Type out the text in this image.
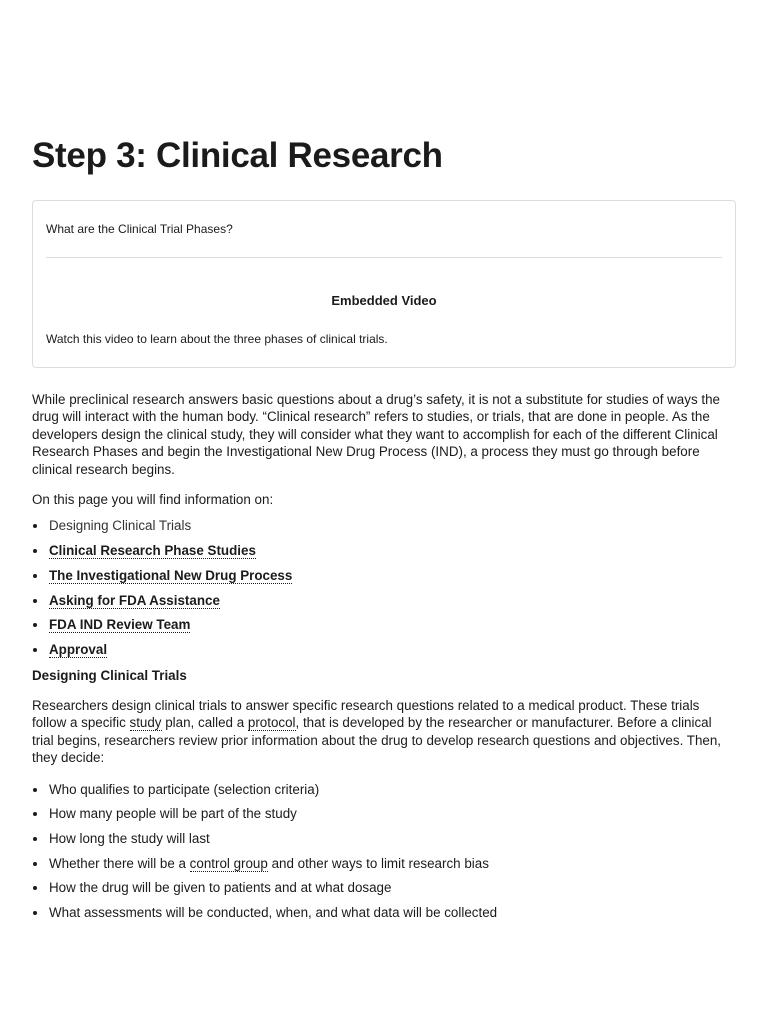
Step 3: Clinical Research
What are the Clinical Trial Phases?
Embedded Video
Watch this video to learn about the three phases of clinical trials.

While preclinical research answers basic questions about a drug’s safety, it is not a substitute for studies of ways the drug will interact with the human body. “Clinical research” refers to studies, or trials, that are done in people. As the developers design the clinical study, they will consider what they want to accomplish for each of the different Clinical Research Phases and begin the Investigational New Drug Process (IND), a process they must go through before clinical research begins.

On this page you will find information on:

Designing Clinical Trials
Clinical Research Phase Studies
The Investigational New Drug Process
Asking for FDA Assistance
FDA IND Review Team
Approval

Designing Clinical Trials

Researchers design clinical trials to answer specific research questions related to a medical product. These trials follow a specific study plan, called a protocol, that is developed by the researcher or manufacturer. Before a clinical trial begins, researchers review prior information about the drug to develop research questions and objectives. Then, they decide:

Who qualifies to participate (selection criteria)
How many people will be part of the study
How long the study will last
Whether there will be a control group and other ways to limit research bias
How the drug will be given to patients and at what dosage
What assessments will be conducted, when, and what data will be collected
